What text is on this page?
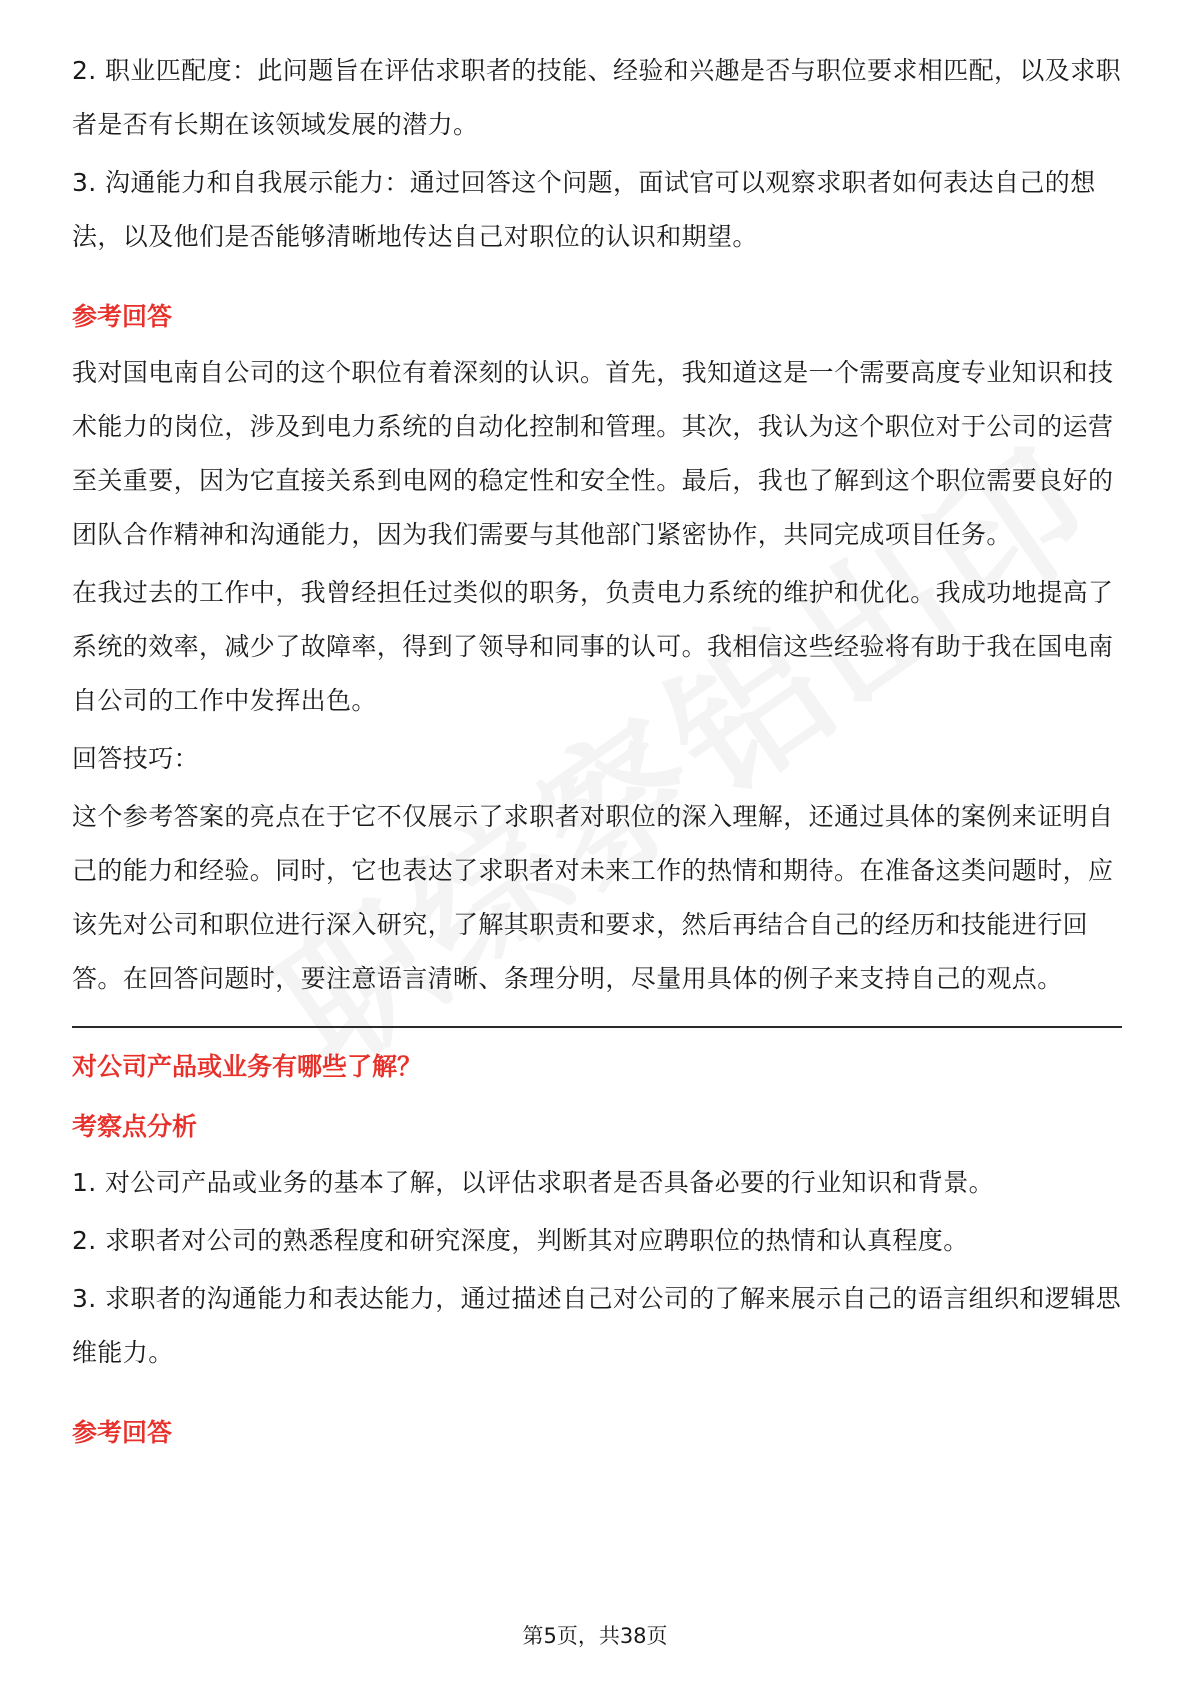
2. 职业匹配度：此问题旨在评估求职者的技能、经验和兴趣是否与职位要求相匹配，以及求职者是否有长期在该领域发展的潜力。

3. 沟通能力和自我展示能力：通过回答这个问题，面试官可以观察求职者如何表达自己的想法，以及他们是否能够清晰地传达自己对职位的认识和期望。

参考回答

我对国电南自公司的这个职位有着深刻的认识。首先，我知道这是一个需要高度专业知识和技术能力的岗位，涉及到电力系统的自动化控制和管理。其次，我认为这个职位对于公司的运营至关重要，因为它直接关系到电网的稳定性和安全性。最后，我也了解到这个职位需要良好的团队合作精神和沟通能力，因为我们需要与其他部门紧密协作，共同完成项目任务。

在我过去的工作中，我曾经担任过类似的职务，负责电力系统的维护和优化。我成功地提高了系统的效率，减少了故障率，得到了领导和同事的认可。我相信这些经验将有助于我在国电南自公司的工作中发挥出色。

回答技巧：

这个参考答案的亮点在于它不仅展示了求职者对职位的深入理解，还通过具体的案例来证明自己的能力和经验。同时，它也表达了求职者对未来工作的热情和期待。在准备这类问题时，应该先对公司和职位进行深入研究，了解其职责和要求，然后再结合自己的经历和技能进行回答。在回答问题时，要注意语言清晰、条理分明，尽量用具体的例子来支持自己的观点。

对公司产品或业务有哪些了解？
考察点分析

1. 对公司产品或业务的基本了解，以评估求职者是否具备必要的行业知识和背景。

2. 求职者对公司的熟悉程度和研究深度，判断其对应聘职位的热情和认真程度。

3. 求职者的沟通能力和表达能力，通过描述自己对公司的了解来展示自己的语言组织和逻辑思维能力。

参考回答
第5页，共38页
